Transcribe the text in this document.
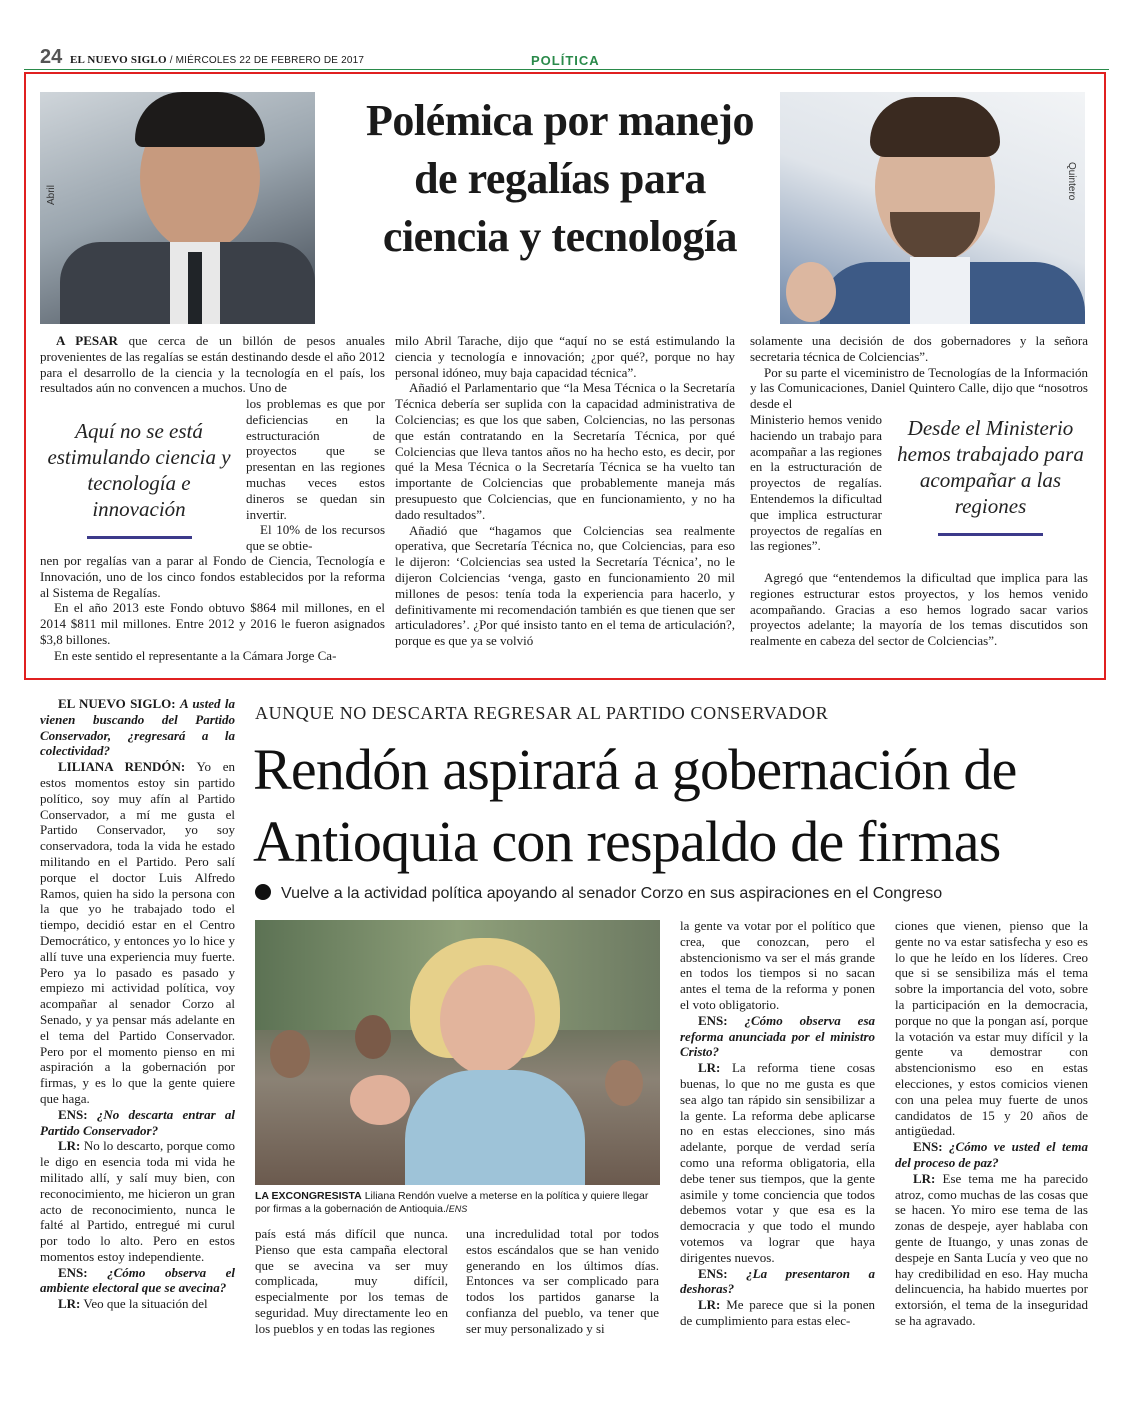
24 EL NUEVO SIGLO / MIÉRCOLES 22 DE FEBRERO DE 2017	POLÍTICA
Abril
Polémica por manejo
de regalías para
ciencia y tecnología
Quintero

A PESAR que cerca de un billón de pesos anuales provenientes de las regalías se están destinando desde el año 2012 para el desarrollo de la ciencia y la tecnología en el país, los resultados aún no convencen a muchos. Uno de

Aquí no se está estimulando ciencia y tecnología e innovación

los problemas es que por deficiencias en la estructuración de proyectos que se presentan en las regiones muchas veces estos dineros se quedan sin invertir.

El 10% de los recursos que se obtie-

nen por regalías van a parar al Fondo de Ciencia, Tecnología e Innovación, uno de los cinco fondos establecidos por la reforma al Sistema de Regalías.

En el año 2013 este Fondo obtuvo $864 mil millones, en el 2014 $811 mil millones. Entre 2012 y 2016 le fueron asignados $3,8 billones.

En este sentido el representante a la Cámara Jorge Ca-

milo Abril Tarache, dijo que “aquí no se está estimulando la ciencia y tecnología e innovación; ¿por qué?, porque no hay personal idóneo, muy baja capacidad técnica”.

Añadió el Parlamentario que “la Mesa Técnica o la Secretaría Técnica debería ser suplida con la capacidad administrativa de Colciencias; es que los que saben, Colciencias, no las personas que están contratando en la Secretaría Técnica, por qué Colciencias que lleva tantos años no ha hecho esto, es decir, por qué la Mesa Técnica o la Secretaría Técnica se ha vuelto tan importante de Colciencias que probablemente maneja más presupuesto que Colciencias, que en funcionamiento, y no ha dado resultados”.

Añadió que “hagamos que Colciencias sea realmente operativa, que Secretaría Técnica no, que Colciencias, para eso le dijeron: ‘Colciencias sea usted la Secretaría Técnica’, no le dijeron Colciencias ‘venga, gasto en funcionamiento 20 mil millones de pesos: tenía toda la experiencia para hacerlo, y definitivamente mi recomendación también es que tienen que ser articuladores’. ¿Por qué insisto tanto en el tema de articulación?, porque es que ya se volvió

solamente una decisión de dos gobernadores y la señora secretaria técnica de Colciencias”.

Por su parte el viceministro de Tecnologías de la Información y las Comunicaciones, Daniel Quintero Calle, dijo que “nosotros desde el

Ministerio hemos venido haciendo un trabajo para acompañar a las regiones en la estructuración de proyectos de regalías. Entendemos la dificultad que implica estructurar proyectos de regalías en las regiones”.

Desde el Ministerio hemos trabajado para acompañar a las regiones

Agregó que “entendemos la dificultad que implica para las regiones estructurar estos proyectos, y los hemos venido acompañando. Gracias a eso hemos logrado sacar varios proyectos adelante; la mayoría de los temas discutidos son realmente en cabeza del sector de Colciencias”.

EL NUEVO SIGLO: A usted la vienen buscando del Partido Conservador, ¿regresará a la colectividad?

LILIANA RENDÓN: Yo en estos momentos estoy sin partido político, soy muy afín al Partido Conservador, a mí me gusta el Partido Conservador, yo soy conservadora, toda la vida he estado militando en el Partido. Pero salí porque el doctor Luis Alfredo Ramos, quien ha sido la persona con la que yo he trabajado todo el tiempo, decidió estar en el Centro Democrático, y entonces yo lo hice y allí tuve una experiencia muy fuerte. Pero ya lo pasado es pasado y empiezo mi actividad política, voy acompañar al senador Corzo al Senado, y ya pensar más adelante en el tema del Partido Conservador. Pero por el momento pienso en mi aspiración a la gobernación por firmas, y es lo que la gente quiere que haga.

ENS: ¿No descarta entrar al Partido Conservador?

LR: No lo descarto, porque como le digo en esencia toda mi vida he militado allí, y salí muy bien, con reconocimiento, me hicieron un gran acto de reconocimiento, nunca le falté al Partido, entregué mi curul por todo lo alto. Pero en estos momentos estoy independiente.

ENS: ¿Cómo observa el ambiente electoral que se avecina?

LR: Veo que la situación del

AUNQUE NO DESCARTA REGRESAR AL PARTIDO CONSERVADOR
Rendón aspirará a gobernación de
Antioquia con respaldo de firmas
Vuelve a la actividad política apoyando al senador Corzo en sus aspiraciones en el Congreso
LA EXCONGRESISTA Liliana Rendón vuelve a meterse en la política y quiere llegar por firmas a la gobernación de Antioquia./ENS

país está más difícil que nunca. Pienso que esta campaña electoral que se avecina va ser muy complicada, muy difícil, especialmente por los temas de seguridad. Muy directamente leo en los pueblos y en todas las regiones

una incredulidad total por todos estos escándalos que se han venido generando en los últimos días. Entonces va ser complicado para todos los partidos ganarse la confianza del pueblo, va tener que ser muy personalizado y si

la gente va votar por el político que crea, que conozcan, pero el abstencionismo va ser el más grande en todos los tiempos si no sacan antes el tema de la reforma y ponen el voto obligatorio.

ENS: ¿Cómo observa esa reforma anunciada por el ministro Cristo?

LR: La reforma tiene cosas buenas, lo que no me gusta es que sea algo tan rápido sin sensibilizar a la gente. La reforma debe aplicarse no en estas elecciones, sino más adelante, porque de verdad sería como una reforma obligatoria, ella debe tener sus tiempos, que la gente asimile y tome conciencia que todos debemos votar y que esa es la democracia y que todo el mundo votemos va lograr que haya dirigentes nuevos.

ENS: ¿La presentaron a deshoras?

LR: Me parece que si la ponen de cumplimiento para estas elec-

ciones que vienen, pienso que la gente no va estar satisfecha y eso es lo que he leído en los líderes. Creo que si se sensibiliza más el tema sobre la importancia del voto, sobre la participación en la democracia, porque no que la pongan así, porque la votación va estar muy difícil y la gente va demostrar con abstencionismo eso en estas elecciones, y estos comicios vienen con una pelea muy fuerte de unos candidatos de 15 y 20 años de antigüedad.

ENS: ¿Cómo ve usted el tema del proceso de paz?

LR: Ese tema me ha parecido atroz, como muchas de las cosas que se hacen. Yo miro ese tema de las zonas de despeje, ayer hablaba con gente de Ituango, y unas zonas de despeje en Santa Lucía y veo que no hay credibilidad en eso. Hay mucha delincuencia, ha habido muertes por extorsión, el tema de la inseguridad se ha agravado.
